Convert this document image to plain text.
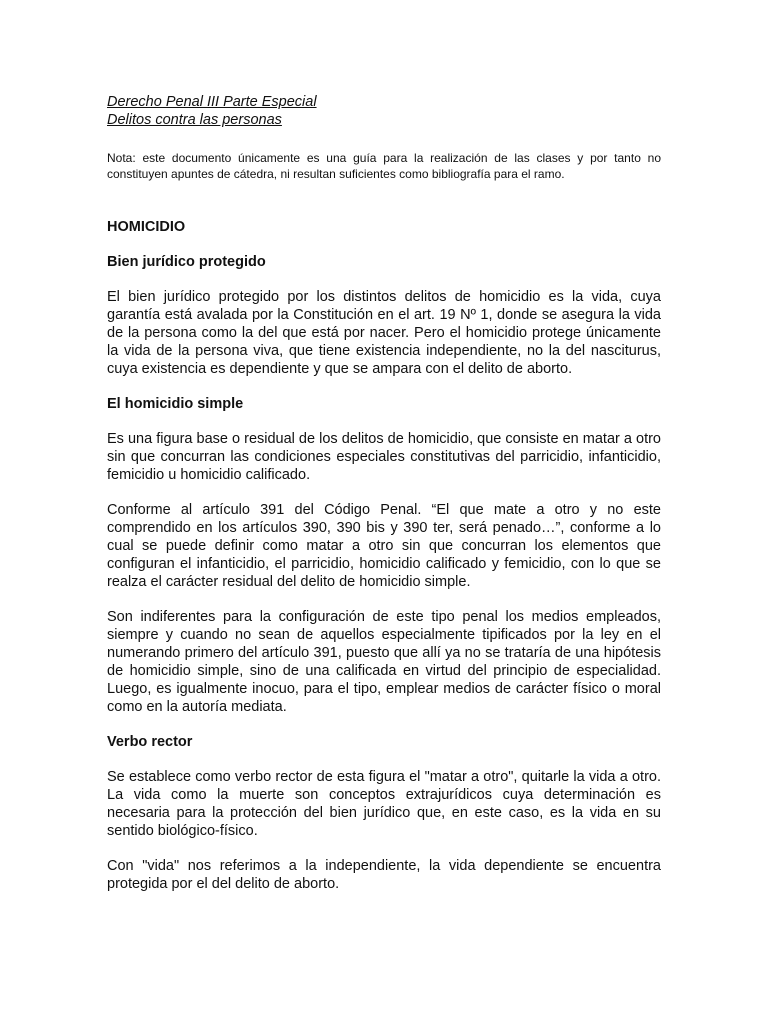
Derecho Penal III Parte Especial
Delitos contra las personas
Nota: este documento únicamente es una guía para la realización de las clases y por tanto no constituyen apuntes de cátedra, ni resultan suficientes como bibliografía para el ramo.
HOMICIDIO
Bien jurídico protegido
El bien jurídico protegido por los distintos delitos de homicidio es la vida, cuya garantía está avalada por la Constitución en el art. 19 Nº 1, donde se asegura la vida de la persona como la del que está por nacer. Pero el homicidio protege únicamente la vida de la persona viva, que tiene existencia independiente, no la del nasciturus, cuya existencia es dependiente y que se ampara con el delito de aborto.
El homicidio simple
Es una figura base o residual de los delitos de homicidio, que consiste en matar a otro sin que concurran las condiciones especiales constitutivas del parricidio, infanticidio, femicidio u homicidio calificado.
Conforme al artículo 391 del Código Penal. “El que mate a otro y no este comprendido en los artículos 390, 390 bis y 390 ter, será penado…”, conforme a lo cual se puede definir como matar a otro sin que concurran los elementos que configuran el infanticidio, el parricidio, homicidio calificado y femicidio, con lo que se realza el carácter residual del delito de homicidio simple.
Son indiferentes para la configuración de este tipo penal los medios empleados, siempre y cuando no sean de aquellos especialmente tipificados por la ley en el numerando primero del artículo 391, puesto que allí ya no se trataría de una hipótesis de homicidio simple, sino de una calificada en virtud del principio de especialidad. Luego, es igualmente inocuo, para el tipo, emplear medios de carácter físico o moral como en la autoría mediata.
Verbo rector
Se establece como verbo rector de esta figura el "matar a otro", quitarle la vida a otro. La vida como la muerte son conceptos extrajurídicos cuya determinación es necesaria para la protección del bien jurídico que, en este caso, es la vida en su sentido biológico-físico.
Con "vida" nos referimos a la independiente, la vida dependiente se encuentra protegida por el del delito de aborto.
